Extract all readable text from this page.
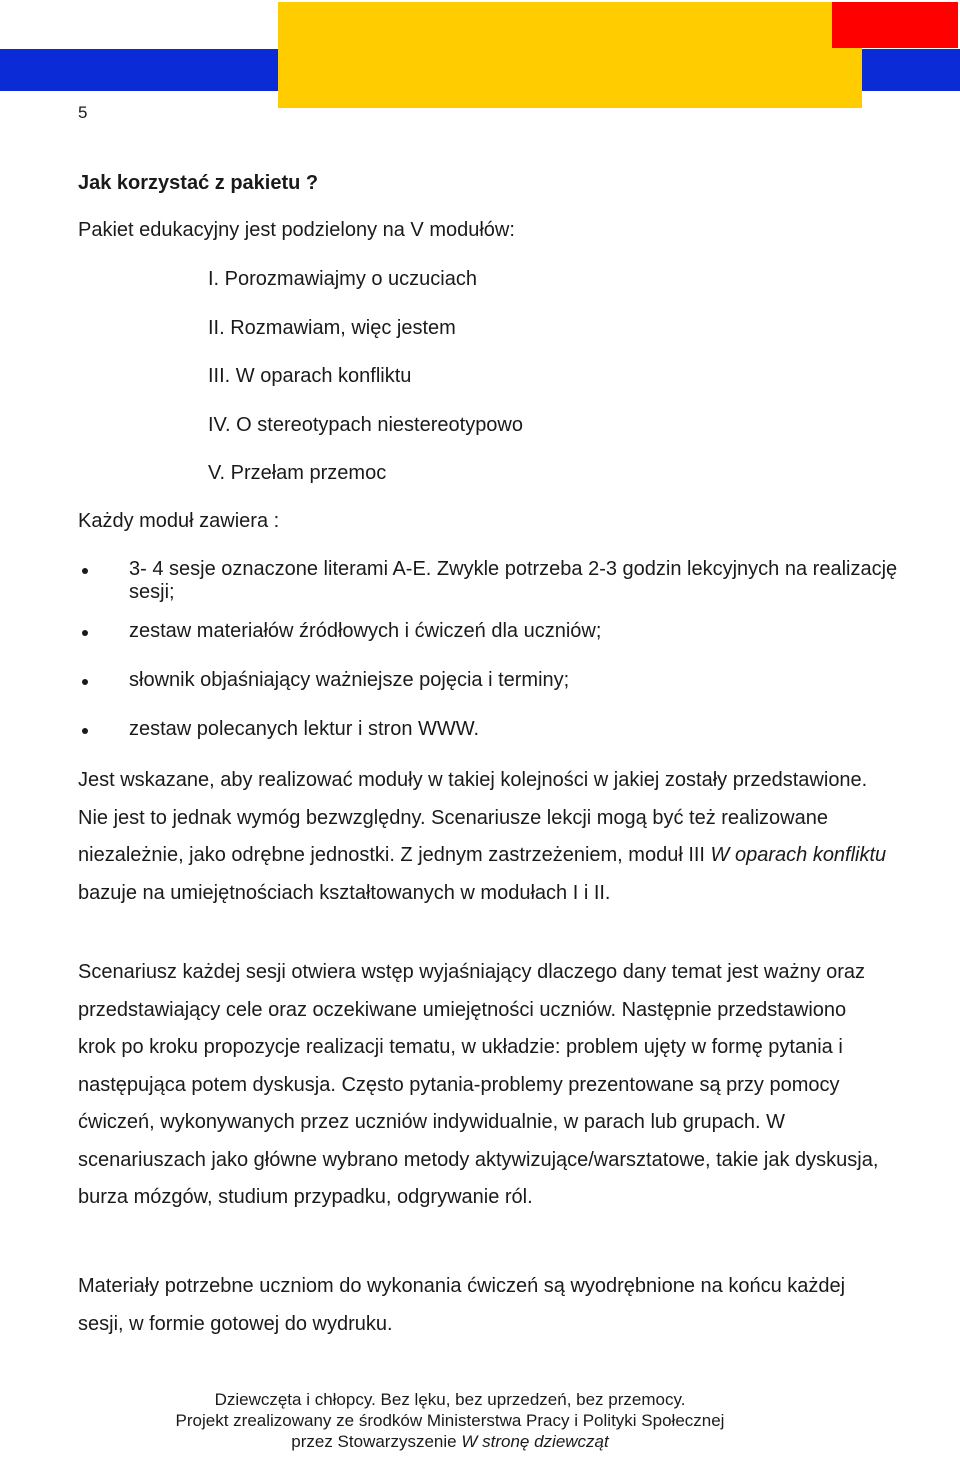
5
Jak korzystać z pakietu ?
Pakiet edukacyjny jest podzielony na V modułów:
I. Porozmawiajmy o uczuciach
II. Rozmawiam, więc jestem
III. W oparach konfliktu
IV. O stereotypach niestereotypowo
V. Przełam przemoc
Każdy moduł zawiera :
3- 4 sesje oznaczone literami A-E. Zwykle potrzeba 2-3 godzin lekcyjnych na realizację sesji;
zestaw materiałów źródłowych i ćwiczeń dla uczniów;
słownik objaśniający ważniejsze pojęcia i terminy;
zestaw polecanych lektur i stron WWW.

Jest wskazane, aby realizować moduły w takiej kolejności w jakiej zostały przedstawione. Nie jest to jednak wymóg bezwzględny. Scenariusze lekcji mogą być też realizowane niezależnie, jako odrębne jednostki. Z jednym zastrzeżeniem, moduł III W oparach konfliktu bazuje na umiejętnościach kształtowanych w modułach I i II.

Scenariusz każdej sesji otwiera wstęp wyjaśniający dlaczego dany temat jest ważny oraz przedstawiający cele oraz oczekiwane umiejętności uczniów. Następnie przedstawiono krok po kroku propozycje realizacji tematu, w układzie: problem ujęty w formę pytania i następująca potem dyskusja. Często pytania-problemy prezentowane są przy pomocy ćwiczeń, wykonywanych przez uczniów indywidualnie, w parach lub grupach. W scenariuszach jako główne wybrano metody aktywizujące/warsztatowe, takie jak dyskusja, burza mózgów, studium przypadku, odgrywanie ról.

Materiały potrzebne uczniom do wykonania ćwiczeń są wyodrębnione na końcu każdej sesji, w formie gotowej do wydruku.

Dziewczęta i chłopcy. Bez lęku, bez uprzedzeń, bez przemocy.
Projekt zrealizowany ze środków Ministerstwa Pracy i Polityki Społecznej
przez Stowarzyszenie W stronę dziewcząt
